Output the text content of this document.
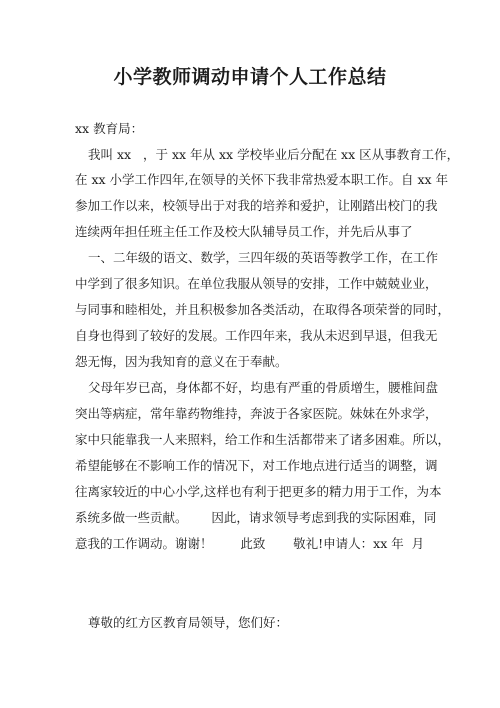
小学教师调动申请个人工作总结
xx 教育局：
我叫 xx   ，于 xx 年从 xx 学校毕业后分配在 xx 区从事教育工作，
在 xx 小学工作四年,在领导的关怀下我非常热爱本职工作。自 xx 年
参加工作以来，校领导出于对我的培养和爱护，让刚踏出校门的我
连续两年担任班主任工作及校大队辅导员工作，并先后从事了
一、二年级的语文、数学，三四年级的英语等教学工作，在工作
中学到了很多知识。在单位我服从领导的安排，工作中兢兢业业，
与同事和睦相处，并且积极参加各类活动，在取得各项荣誉的同时，
自身也得到了较好的发展。工作四年来，我从未迟到早退，但我无
怨无悔，因为我知育的意义在于奉献。
父母年岁已高，身体都不好，均患有严重的骨质增生，腰椎间盘
突出等病症，常年靠药物维持，奔波于各家医院。妹妹在外求学，
家中只能靠我一人来照料，给工作和生活都带来了诸多困难。所以，
希望能够在不影响工作的情况下，对工作地点进行适当的调整，调
往离家较近的中心小学,这样也有利于把更多的精力用于工作，为本
系统多做一些贡献。      因此，请求领导考虑到我的实际困难，同
意我的工作调动。谢谢！       此致       敬礼!申请人：xx 年  月
尊敬的红方区教育局领导，您们好：
